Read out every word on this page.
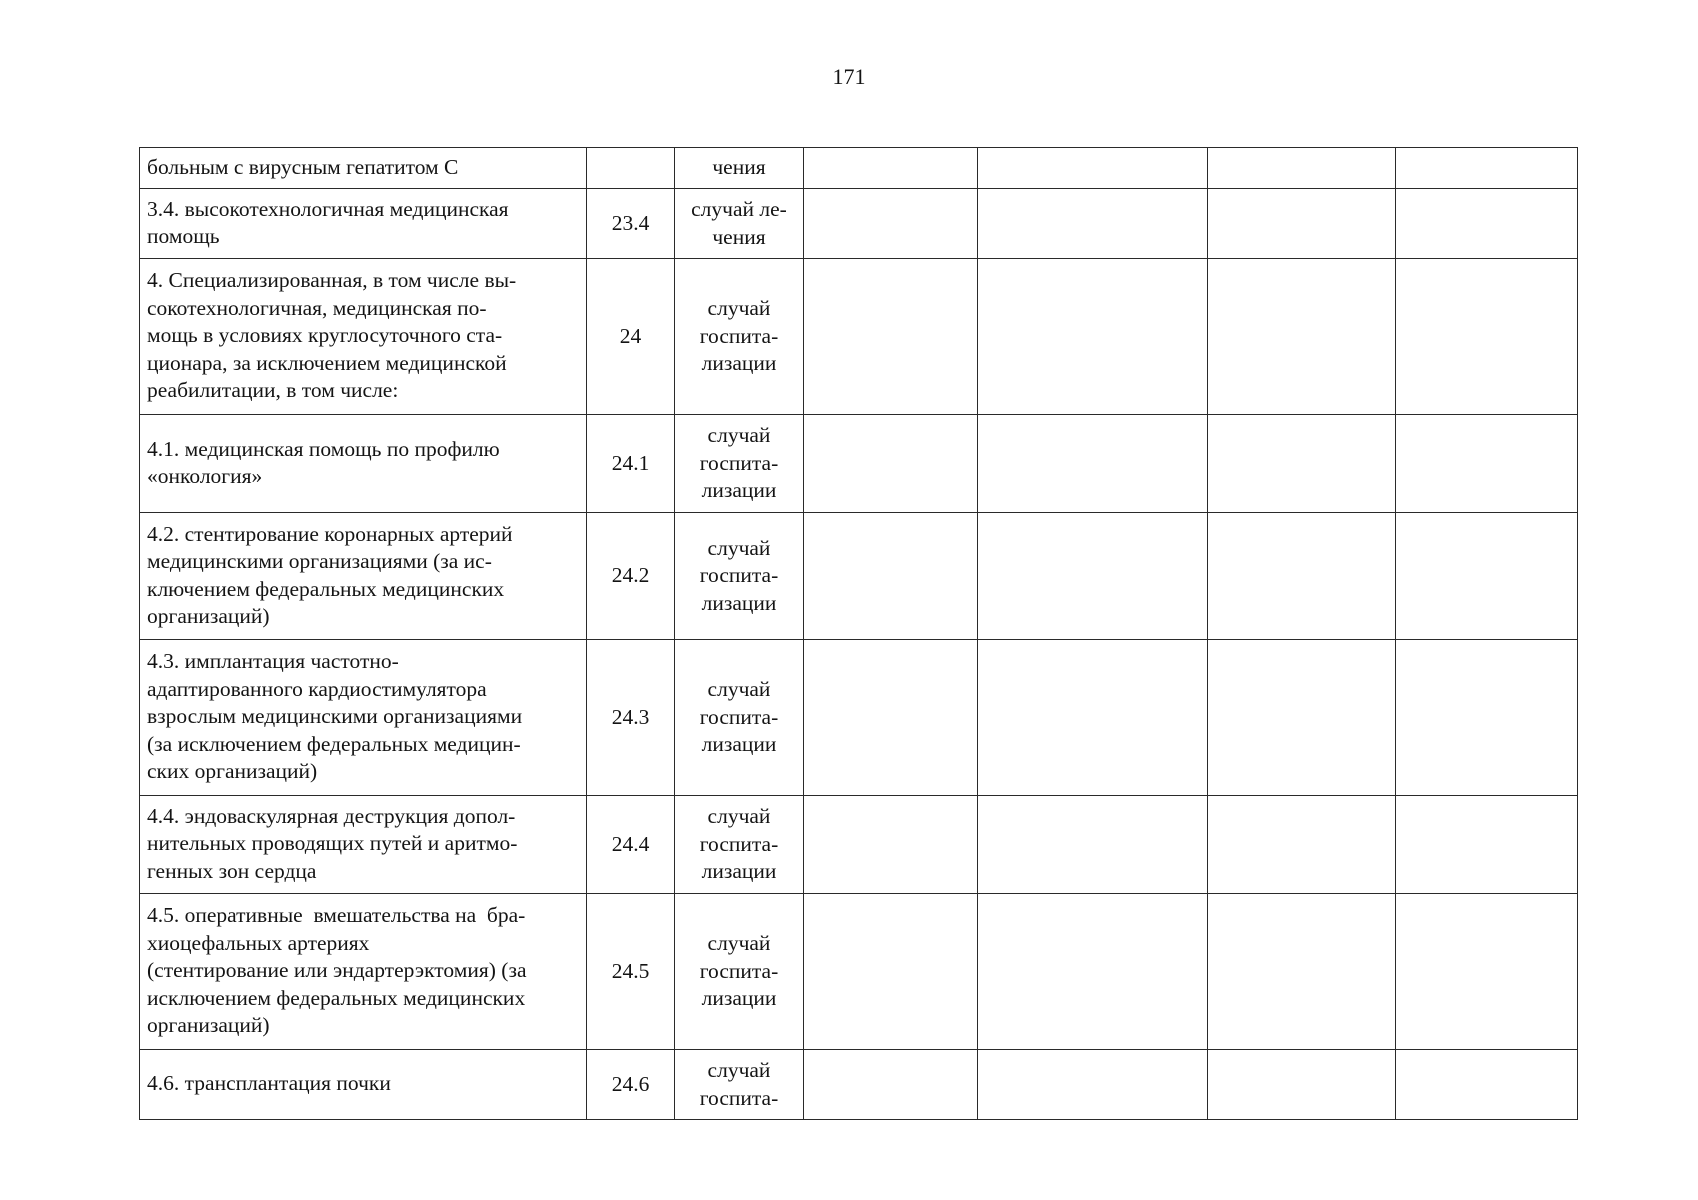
171
больным с вирусным гепатитом С		чения				

3.4. высокотехнологичная медицинская
помощь	23.4	случай ле-
чения				

4. Специализированная, в том числе вы-
сокотехнологичная, медицинская по-
мощь в условиях круглосуточного ста-
ционара, за исключением медицинской
реабилитации, в том числе:	24	случай
госпита-
лизации				

4.1. медицинская помощь по профилю
«онкология»	24.1	случай
госпита-
лизации				

4.2. стентирование коронарных артерий
медицинскими организациями (за ис-
ключением федеральных медицинских
организаций)	24.2	случай
госпита-
лизации				

4.3. имплантация частотно-
адаптированного кардиостимулятора
взрослым медицинскими организациями
(за исключением федеральных медицин-
ских организаций)	24.3	случай
госпита-
лизации				

4.4. эндоваскулярная деструкция допол-
нительных проводящих путей и аритмо-
генных зон сердца	24.4	случай
госпита-
лизации				

4.5. оперативные  вмешательства на  бра-
хиоцефальных артериях
(стентирование или эндартерэктомия) (за
исключением федеральных медицинских
организаций)	24.5	случай
госпита-
лизации				

4.6. трансплантация почки	24.6	случай
госпита-				
